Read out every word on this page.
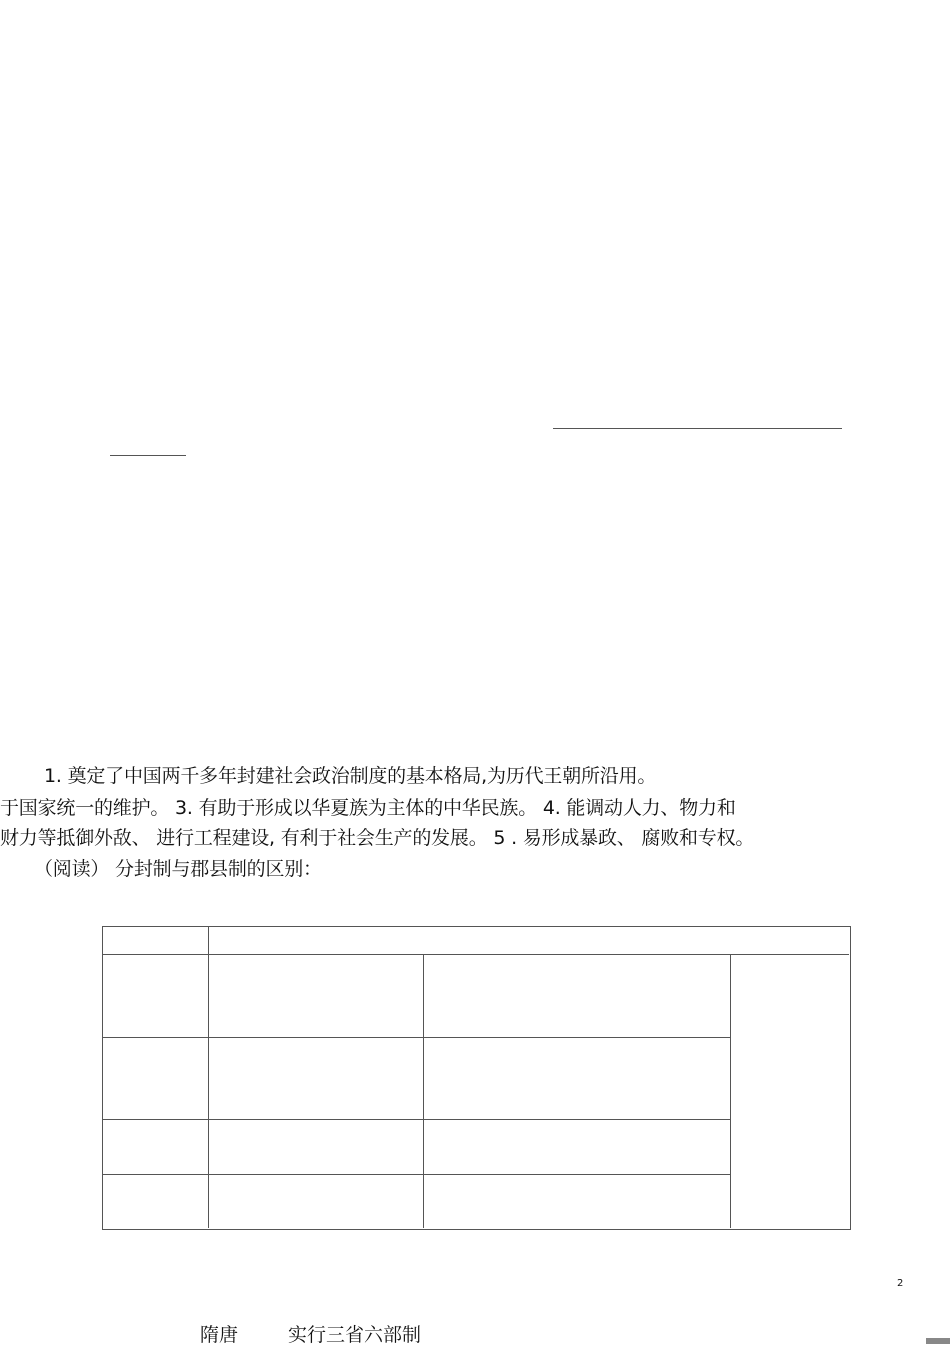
1. 奠定了中国两千多年封建社会政治制度的基本格局,为历代王朝所沿用。
于国家统一的维护。 3. 有助于形成以华夏族为主体的中华民族。 4. 能调动人力、物力和
财力等抵御外敌、 进行工程建设, 有利于社会生产的发展。 5 . 易形成暴政、 腐败和专权。
（阅读） 分封制与郡县制的区别：
2
隋唐	实行三省六部制
